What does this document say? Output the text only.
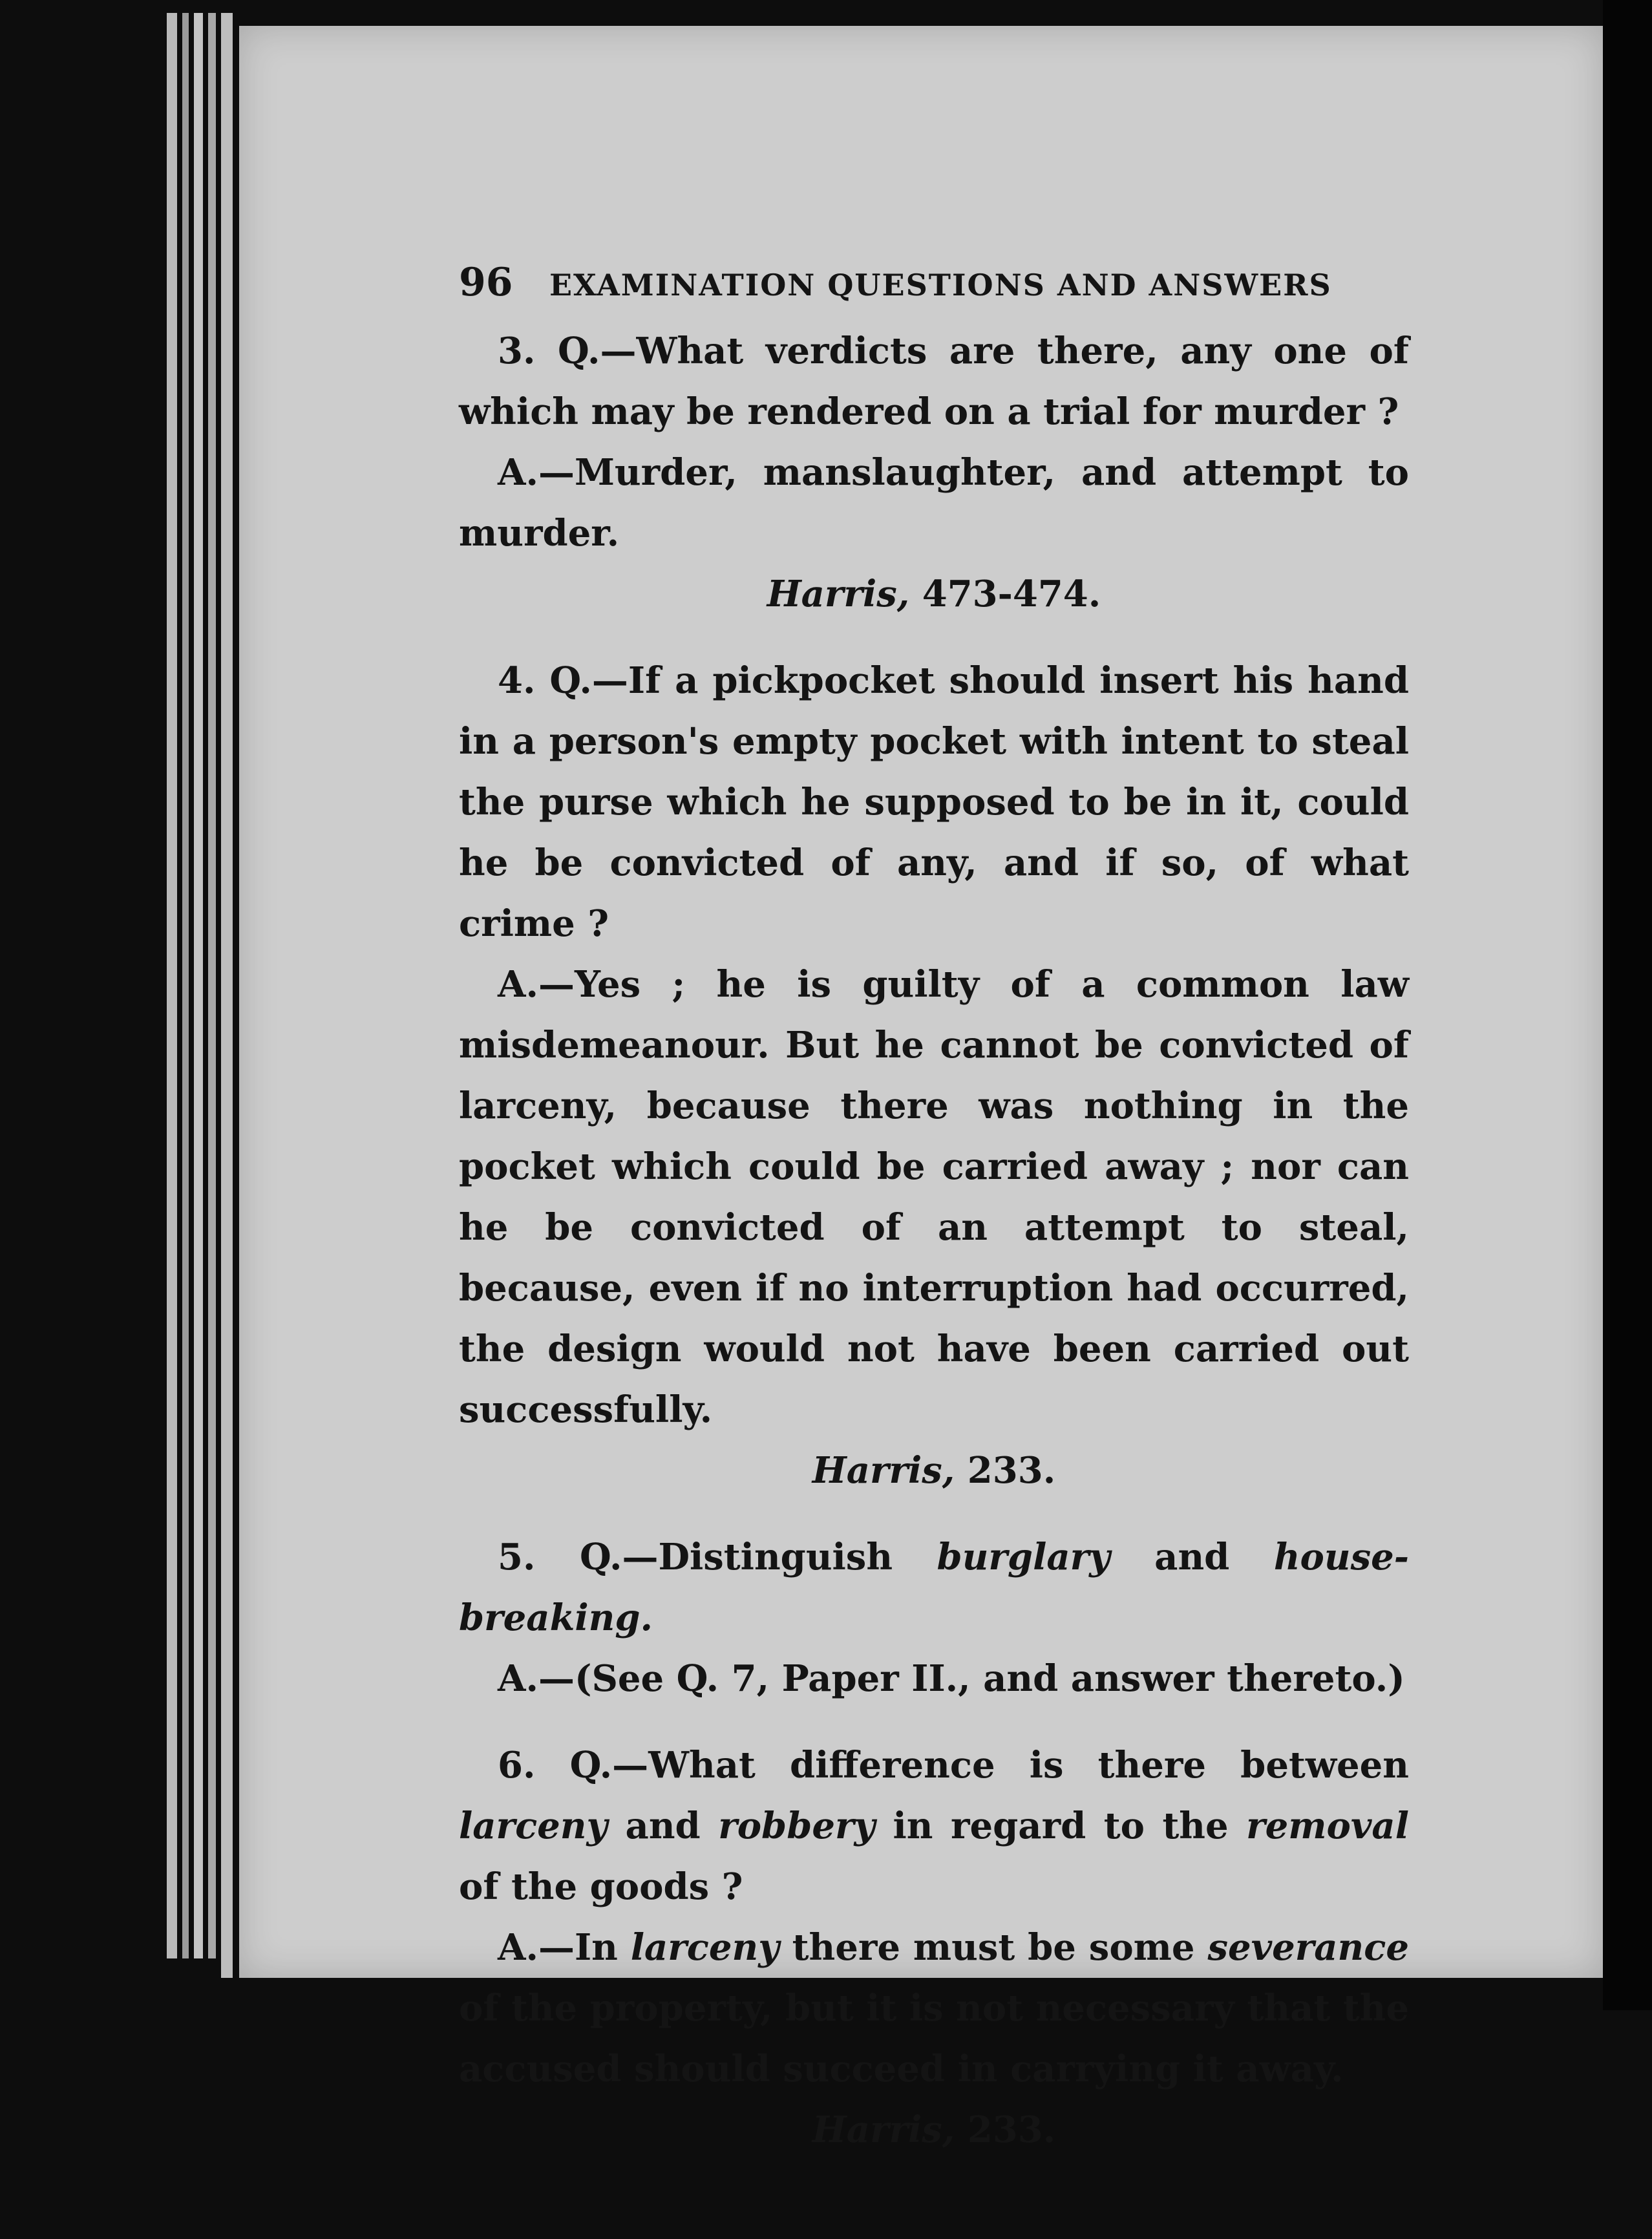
96	EXAMINATION QUESTIONS AND ANSWERS

3. Q.—What verdicts are there, any one of which may be rendered on a trial for murder ?

A.—Murder, manslaughter, and attempt to murder.

Harris, 473-474.

4. Q.—If a pickpocket should insert his hand in a person's empty pocket with intent to steal the purse which he supposed to be in it, could he be convicted of any, and if so, of what crime ?

A.—Yes ; he is guilty of a common law misdemeanour. But he cannot be convicted of larceny, because there was nothing in the pocket which could be carried away ; nor can he be convicted of an attempt to steal, because, even if no interruption had occurred, the design would not have been carried out successfully.

Harris, 233.

5. Q.—Distinguish burglary and house-breaking.

A.—(See Q. 7, Paper II., and answer thereto.)

6. Q.—What difference is there between larceny and robbery in regard to the removal of the goods ?

A.—In larceny there must be some severance of the property, but it is not necessary that the accused should succeed in carrying it away.

Harris, 233.
